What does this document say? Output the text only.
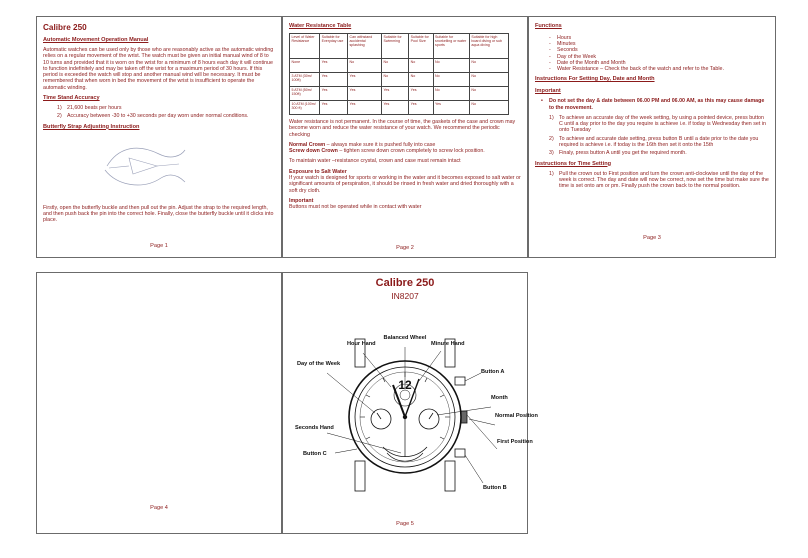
Calibre 250
Automatic Movement Operation Manual
Automatic watches can be used only by those who are reasonably active as the automatic winding relies on a regular movement of the wrist. The watch must be given an initial manual wind of 8 to 10 turns and provided that it is worn on the wrist for a minimum of 8 hours each day it will continue to function indefinitely and may be taken off the wrist for a maximum period of 30 hours. If this period is exceeded the watch will stop and another manual wind will be necessary. It must be remembered that when worn in bed the movement of the wrist is insufficient to operate the automatic winding.
Time Stand Accuracy
1) 21,600 beats per hours
2) Accuracy between -30 to +30 seconds per day worn under normal conditions.
Butterfly Strap Adjusting Instruction
Firstly, open the butterfly buckle and then pull out the pin. Adjust the strap to the required length, and then push back the pin into the correct hole. Finally, close the butterfly buckle until it clicks into place.
Page 1
Water Resistance Table
Level of Water Resistance	Suitable for Everyday use	Can withstand accidental splashing	Suitable for Swimming	Suitable for Pool Size	Suitable for snorkelling or water sports	Suitable for high board diving or sub aqua diving
None	Yes	No	No	No	No	No
3 ATM (30m/ 100ft)	Yes	Yes	No	No	No	No
5 ATM (50m/ 150ft)	Yes	Yes	Yes	Yes	No	No
10 ATM (100m/ 300 ft)	Yes	Yes	Yes	Yes	Yes	No
Water resistance is not permanent. In the course of time, the gaskets of the case and crown may become worn and reduce the water resistance of your watch. We recommend the periodic checking
Normal Crown – always make sure it is pushed fully into case
Screw down Crown – tighten screw down crown completely to screw lock position.
To maintain water –resistance crystal, crown and case must remain intact
Exposure to Salt Water
If your watch is designed for sports or working in the water and it becomes exposed to salt water or significant amounts of perspiration, it should be rinsed in fresh water and dried thoroughly with a soft dry cloth.
Important
Buttons must not be operated while in contact with water
Page 2
Functions
- Hours
- Minutes
- Seconds
- Day of the Week
- Date of the Month and Month
- Water Resistance – Check the back of the watch and refer to the Table.
Instructions For Setting Day, Date and Month
Important
• Do not set the day & date between 06.00 PM and 06.00 AM, as this may cause damage to the movement.
1) To achieve an accurate day of the week setting, by using a pointed device, press button C until a day prior to the day you require is achieve i.e. if today is Wednesday then set in onto Tuesday
2) To achieve and accurate date setting, press button B until a date prior to the date you required is achieve i.e. if today is the 16th then set it onto the 15th
3) Finaly, press button A until you get the required month.
Instructions for Time Setting
1) Pull the crown out to First position and turn the crown anti-clockwise until the day of the week is correct. The day and date will now be correct, now set the time but make sure the time is set onto am or pm. Finally push the crown back to the normal position.
Page 3
Page 4
Calibre 250
IN8207
Balanced Wheel
Hour Hand	Minute Hand
Day of the Week
Button A
Month
Normal Position
First Position
Seconds Hand
Button C
Button B
12
Page 5
